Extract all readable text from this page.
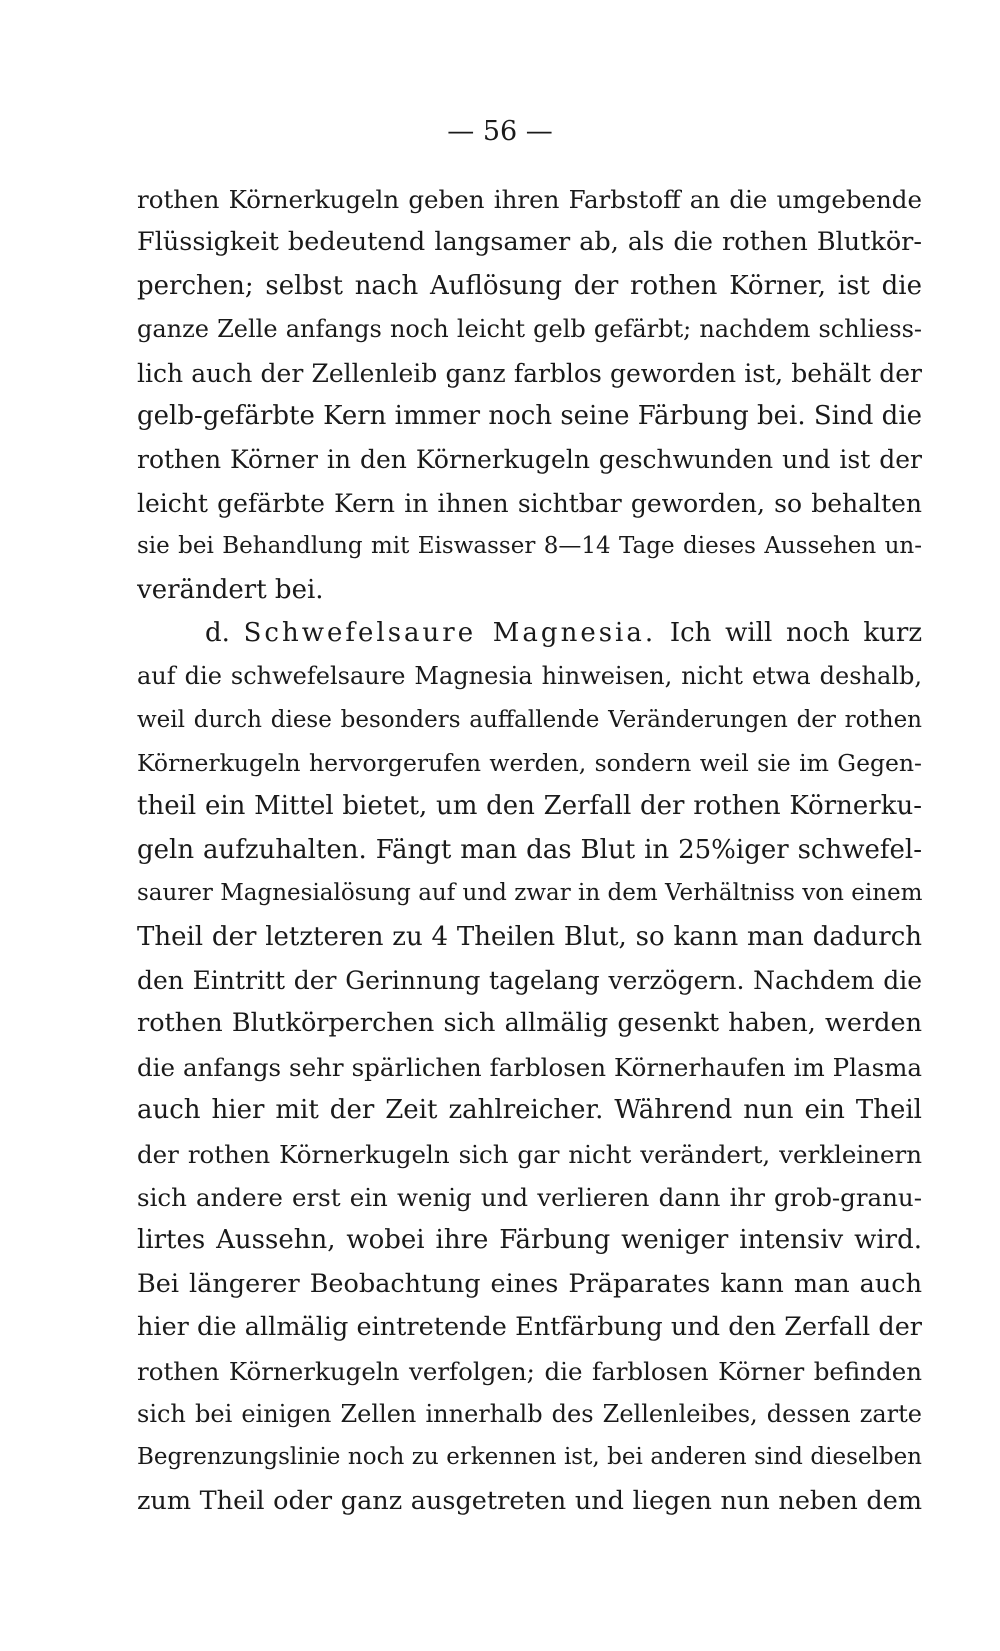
— 56 —
rothen Körnerkugeln geben ihren Farbstoff an die umgebende
Flüssigkeit bedeutend langsamer ab, als die rothen Blutkör-
perchen; selbst nach Auflösung der rothen Körner, ist die
ganze Zelle anfangs noch leicht gelb gefärbt; nachdem schliess-
lich auch der Zellenleib ganz farblos geworden ist, behält der
gelb-gefärbte Kern immer noch seine Färbung bei. Sind die
rothen Körner in den Körnerkugeln geschwunden und ist der
leicht gefärbte Kern in ihnen sichtbar geworden, so behalten
sie bei Behandlung mit Eiswasser 8—14 Tage dieses Aussehen un-
verändert bei.
d. Schwefelsaure Magnesia. Ich will noch kurz
auf die schwefelsaure Magnesia hinweisen, nicht etwa deshalb,
weil durch diese besonders auffallende Veränderungen der rothen
Körnerkugeln hervorgerufen werden, sondern weil sie im Gegen-
theil ein Mittel bietet, um den Zerfall der rothen Körnerku-
geln aufzuhalten. Fängt man das Blut in 25%iger schwefel-
saurer Magnesialösung auf und zwar in dem Verhältniss von einem
Theil der letzteren zu 4 Theilen Blut, so kann man dadurch
den Eintritt der Gerinnung tagelang verzögern. Nachdem die
rothen Blutkörperchen sich allmälig gesenkt haben, werden
die anfangs sehr spärlichen farblosen Körnerhaufen im Plasma
auch hier mit der Zeit zahlreicher. Während nun ein Theil
der rothen Körnerkugeln sich gar nicht verändert, verkleinern
sich andere erst ein wenig und verlieren dann ihr grob-granu-
lirtes Aussehn, wobei ihre Färbung weniger intensiv wird.
Bei längerer Beobachtung eines Präparates kann man auch
hier die allmälig eintretende Entfärbung und den Zerfall der
rothen Körnerkugeln verfolgen; die farblosen Körner befinden
sich bei einigen Zellen innerhalb des Zellenleibes, dessen zarte
Begrenzungslinie noch zu erkennen ist, bei anderen sind dieselben
zum Theil oder ganz ausgetreten und liegen nun neben dem
